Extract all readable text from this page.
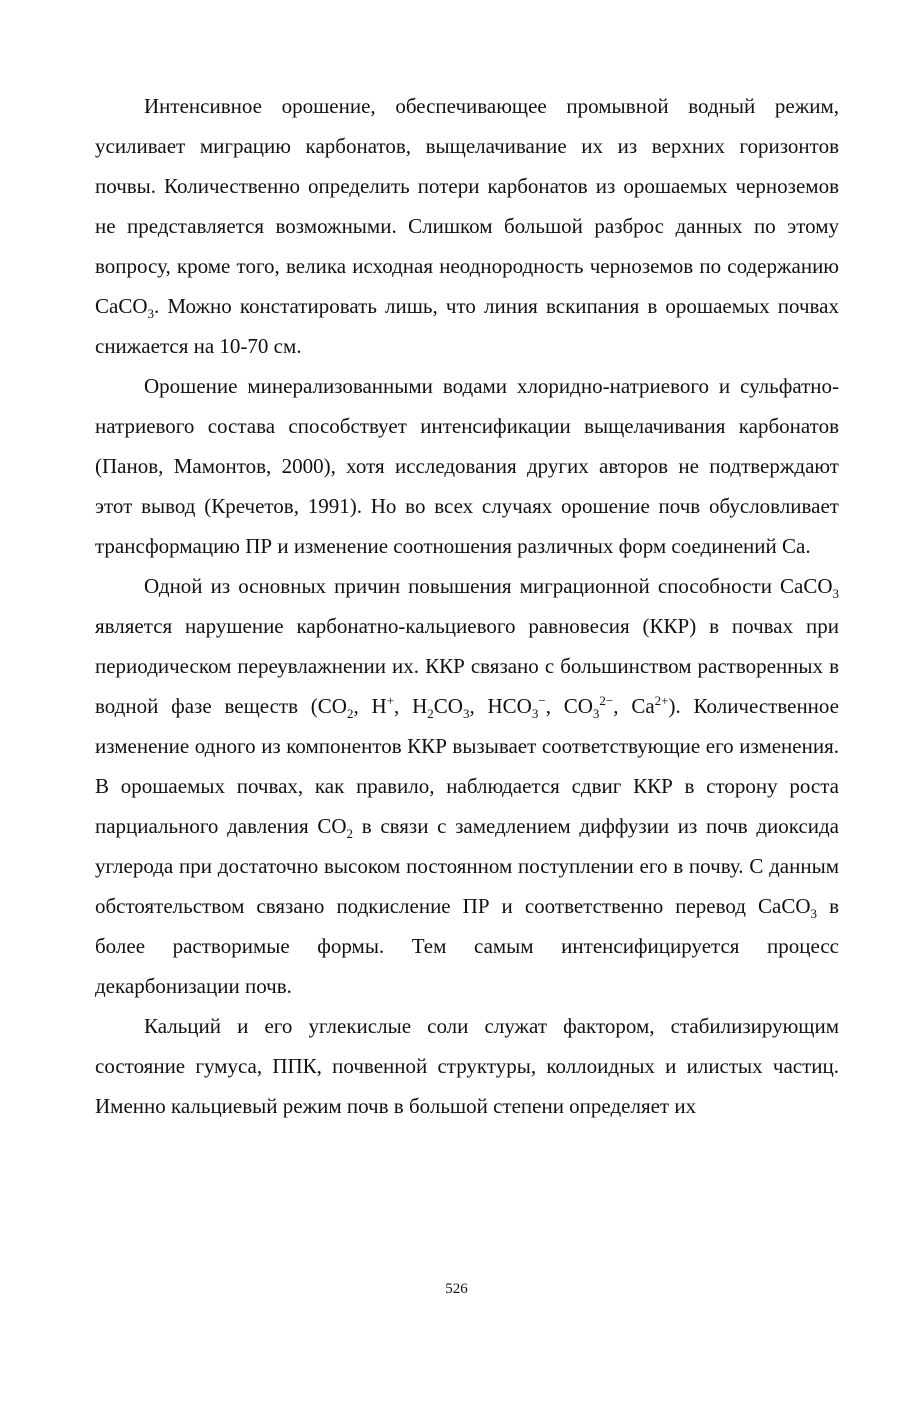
Интенсивное орошение, обеспечивающее промывной водный режим, усиливает миграцию карбонатов, выщелачивание их из верхних горизонтов почвы. Количественно определить потери карбонатов из орошаемых черноземов не представляется возможными. Слишком большой разброс данных по этому вопросу, кроме того, велика исходная неоднородность черноземов по содержанию СаСО$_3$. Можно констатировать лишь, что линия вскипания в орошаемых почвах снижается на 10-70 см.

Орошение минерализованными водами хлоридно-натриевого и сульфатно-натриевого состава способствует интенсификации выщелачивания карбонатов (Панов, Мамонтов, 2000), хотя исследования других авторов не подтверждают этот вывод (Кречетов, 1991). Но во всех случаях орошение почв обусловливает трансформацию ПР и изменение соотношения различных форм соединений Са.

Одной из основных причин повышения миграционной способности СаСО$_3$ является нарушение карбонатно-кальциевого равновесия (ККР) в почвах при периодическом переувлажнении их. ККР связано с большинством растворенных в водной фазе веществ ($СО_2$, Н+, $Н_2СО_3$, $НСО_3^-$, $СО_3^{2-}$, $Са^{2+}$). Количественное изменение одного из компонентов ККР вызывает соответствующие его изменения. В орошаемых почвах, как правило, наблюдается сдвиг ККР в сторону роста парциального давления $СО_2$ в связи с замедлением диффузии из почв диоксида углерода при достаточно высоком постоянном поступлении его в почву. С данным обстоятельством связано подкисление ПР и соответственно перевод СаСО$_3$ в более растворимые формы. Тем самым интенсифицируется процесс декарбонизации почв.

Кальций и его углекислые соли служат фактором, стабилизирующим состояние гумуса, ППК, почвенной структуры, коллоидных и илистых частиц. Именно кальциевый режим почв в большой степени определяет их

526
